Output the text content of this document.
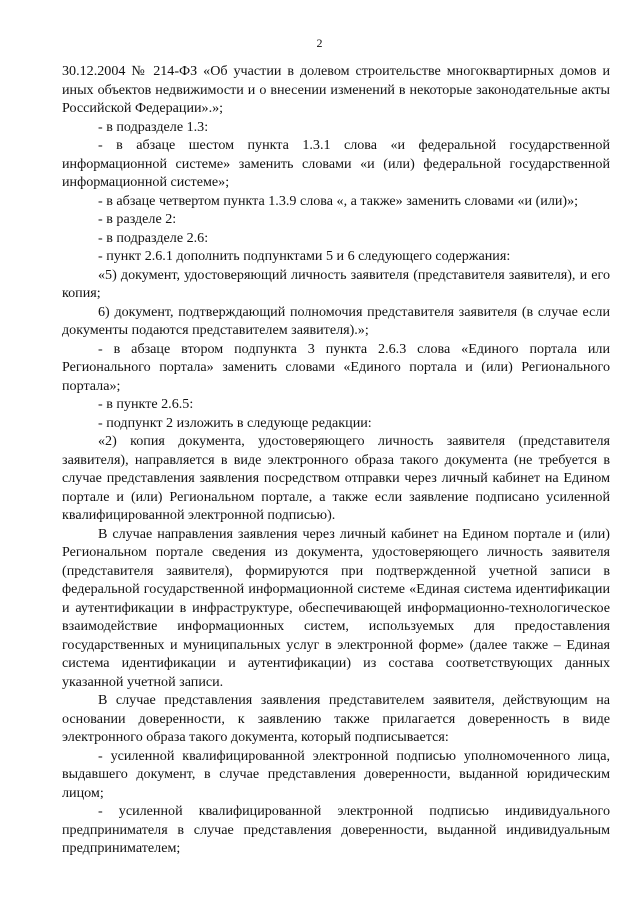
2

30.12.2004 № 214-ФЗ «Об участии в долевом строительстве многоквартирных домов и иных объектов недвижимости и о внесении изменений в некоторые законодательные акты Российской Федерации».»;

- в подразделе 1.3:

- в абзаце шестом пункта 1.3.1 слова «и федеральной государственной информационной системе» заменить словами «и (или) федеральной государственной информационной системе»;

- в абзаце четвертом пункта 1.3.9 слова «, а также» заменить словами «и (или)»;

- в разделе 2:

- в подразделе 2.6:

- пункт 2.6.1 дополнить подпунктами 5 и 6 следующего содержания:

«5) документ, удостоверяющий личность заявителя (представителя заявителя), и его копия;

6) документ, подтверждающий полномочия представителя заявителя (в случае если документы подаются представителем заявителя).»;

- в абзаце втором подпункта 3 пункта 2.6.3 слова «Единого портала или Регионального портала» заменить словами «Единого портала и (или) Регионального портала»;

- в пункте 2.6.5:

- подпункт 2 изложить в следующе редакции:

«2) копия документа, удостоверяющего личность заявителя (представителя заявителя), направляется в виде электронного образа такого документа (не требуется в случае представления заявления посредством отправки через личный кабинет на Едином портале и (или) Региональном портале, а также если заявление подписано усиленной квалифицированной электронной подписью).

В случае направления заявления через личный кабинет на Едином портале и (или) Региональном портале сведения из документа, удостоверяющего личность заявителя (представителя заявителя), формируются при подтвержденной учетной записи в федеральной государственной информационной системе «Единая система идентификации и аутентификации в инфраструктуре, обеспечивающей информационно-технологическое взаимодействие информационных систем, используемых для предоставления государственных и муниципальных услуг в электронной форме» (далее также – Единая система идентификации и аутентификации) из состава соответствующих данных указанной учетной записи.

В случае представления заявления представителем заявителя, действующим на основании доверенности, к заявлению также прилагается доверенность в виде электронного образа такого документа, который подписывается:

- усиленной квалифицированной электронной подписью уполномоченного лица, выдавшего документ, в случае представления доверенности, выданной юридическим лицом;

- усиленной квалифицированной электронной подписью индивидуального предпринимателя в случае представления доверенности, выданной индивидуальным предпринимателем;
